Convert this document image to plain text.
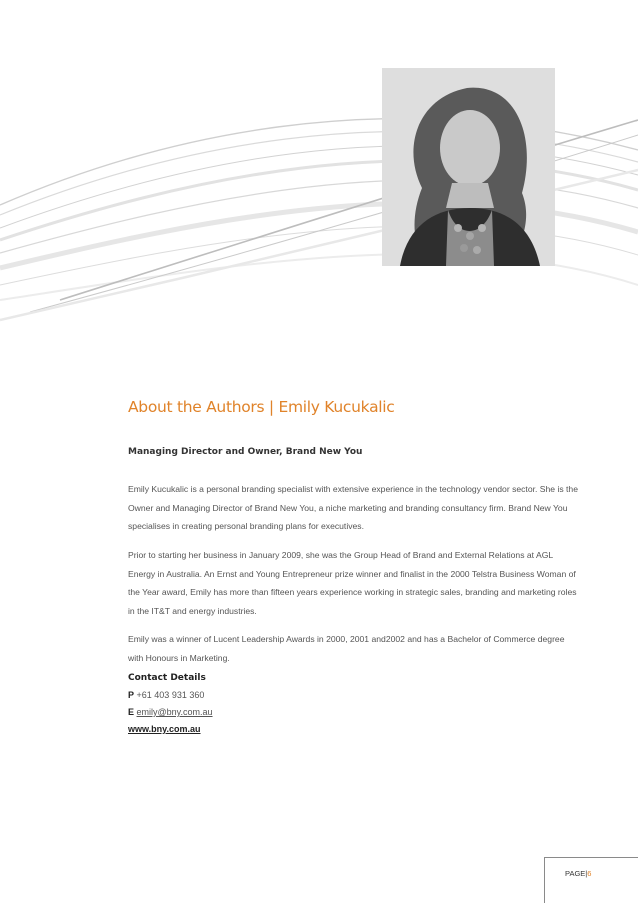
About the Authors | Emily Kucukalic

Managing Director and Owner, Brand New You

Emily Kucukalic is a personal branding specialist with extensive experience in the technology vendor sector. She is the Owner and Managing Director of Brand New You, a niche marketing and branding consultancy firm. Brand New You specialises in creating personal branding plans for executives.

Prior to starting her business in January 2009, she was the Group Head of Brand and External Relations at AGL Energy in Australia. An Ernst and Young Entrepreneur prize winner and finalist in the 2000 Telstra Business Woman of the Year award, Emily has more than fifteen years experience working in strategic sales, branding and marketing roles in the IT&T and energy industries.

Emily was a winner of Lucent Leadership Awards in 2000, 2001 and2002 and has a Bachelor of Commerce degree with Honours in Marketing.

Contact Details

P +61 403 931 360

E emily@bny.com.au

www.bny.com.au

PAGE|6
